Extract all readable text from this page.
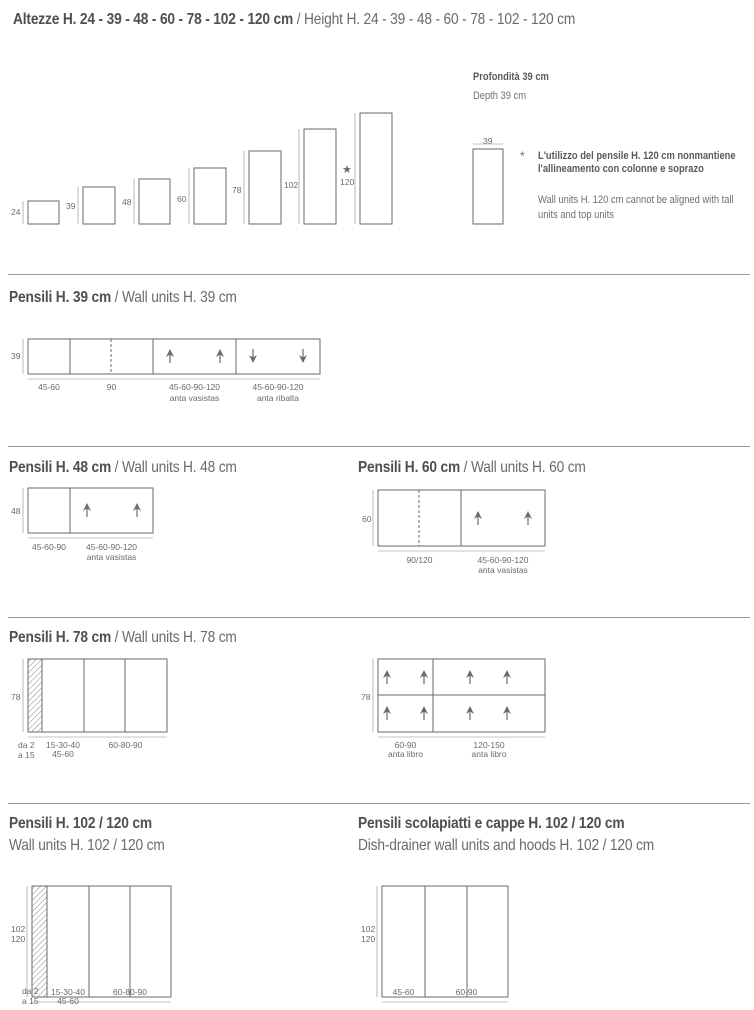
Altezze H. 24 - 39 - 48 - 60 - 78 - 102 - 120 cm / Height H. 24 - 39 - 48 - 60 - 78 - 102 - 120 cm
24
39	48	60
78	102
★
120
Profondità 39 cm
Depth 39 cm
39
* L'utilizzo del pensile H. 120 cm nonmantiene
l'allineamento con colonne e soprazo
Wall units H. 120 cm cannot be aligned with tall
units and top units
Pensili H. 39 cm / Wall units H. 39 cm
39
45-60	90	45-60-90-120
anta vasistas
45-60-90-120
anta ribalta
Pensili H. 48 cm / Wall units H. 48 cm
48
45-60-90	45-60-90-120
anta vasistas
Pensili H. 60 cm / Wall units H. 60 cm
60
90/120	45-60-90-120
anta vasistas
Pensili H. 78 cm / Wall units H. 78 cm
78
da 2
a 15
15-30-40
45-60
60-80-90
78
60-90
anta libro
120-150
anta libro
Pensili H. 102 / 120 cm
Wall units H. 102 / 120 cm
102
120
da 2
a 15
15-30-40
45-60
60-80-90
Pensili scolapiatti e cappe H. 102 / 120 cm
Dish-drainer wall units and hoods H. 102 / 120 cm
102
120
45-60	60-90
